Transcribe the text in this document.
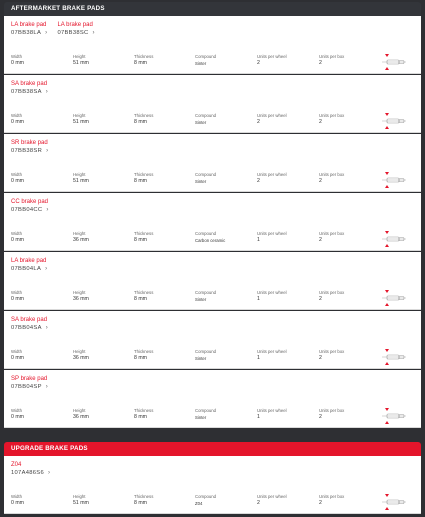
AFTERMARKET BRAKE PADS
LA brake pad
07BB38LA ›
LA brake pad
07BB38SC ›
Width
0 mm
Height
51 mm
Thickness
8 mm
Compound
Sinter
Units per wheel
2
Units per box
2
SA brake pad
07BB38SA ›
Width
0 mm
Height
51 mm
Thickness
8 mm
Compound
Sinter
Units per wheel
2
Units per box
2
SR brake pad
07BB38SR ›
Width
0 mm
Height
51 mm
Thickness
8 mm
Compound
Sinter
Units per wheel
2
Units per box
2
CC brake pad
07BB04CC ›
Width
0 mm
Height
36 mm
Thickness
8 mm
Compound
Carbon ceramic
Units per wheel
1
Units per box
2
LA brake pad
07BB04LA ›
Width
0 mm
Height
36 mm
Thickness
8 mm
Compound
Sinter
Units per wheel
1
Units per box
2
SA brake pad
07BB04SA ›
Width
0 mm
Height
36 mm
Thickness
8 mm
Compound
Sinter
Units per wheel
1
Units per box
2
SP brake pad
07BB04SP ›
Width
0 mm
Height
36 mm
Thickness
8 mm
Compound
Sinter
Units per wheel
1
Units per box
2
UPGRADE BRAKE PADS
Z04
107A486S6 ›
Width
0 mm
Height
51 mm
Thickness
8 mm
Compound
Z04
Units per wheel
2
Units per box
2
